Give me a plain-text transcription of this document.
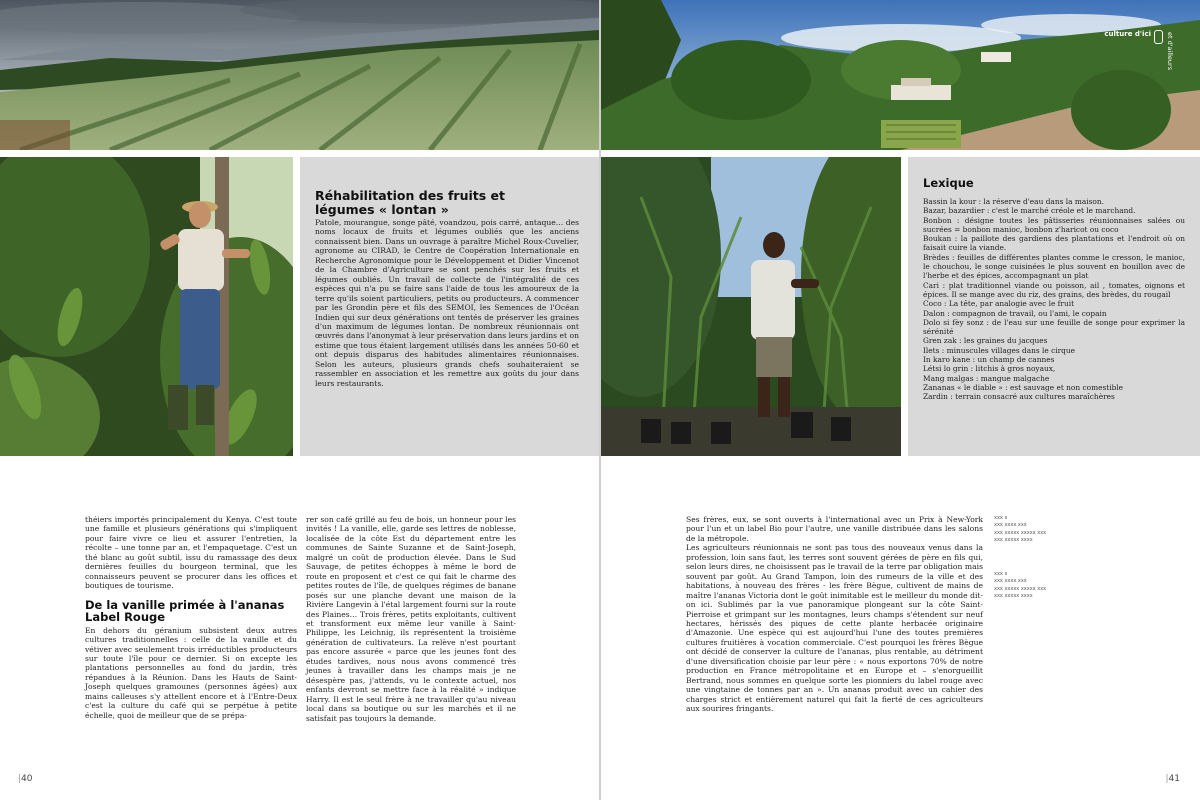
Réhabilitation des fruits et légumes « lontan »
Patole, mourangue, songe pâté, voandzou, pois carré, antaque… des noms locaux de fruits et légumes oubliés que les anciens connaissent bien. Dans un ouvrage à paraître Michel Roux-Cuvelier, agronome au CIRAD, le Centre de Coopération Internationale en Recherche Agronomique pour le Développement et Didier Vincenot de la Chambre d'Agriculture se sont penchés sur les fruits et légumes oubliés. Un travail de collecte de l'intégralité de ces espèces qui n'a pu se faire sans l'aide de tous les amoureux de la terre qu'ils soient particuliers, petits ou producteurs. A commencer par les Grondin père et fils des SEMOI, les Semences de l'Océan Indien qui sur deux générations ont tentés de préserver les graines d'un maximum de légumes lontan. De nombreux réunionnais ont œuvrés dans l'anonymat à leur préservation dans leurs jardins et on estime que tous étaient largement utilisés dans les années 50-60 et ont depuis disparus des habitudes alimentaires réunionnaises. Selon les auteurs, plusieurs grands chefs souhaiteraient se rassembler en association et les remettre aux goûts du jour dans leurs restaurants.

théiers importés principalement du Kenya. C'est toute une famille et plusieurs générations qui s'impliquent pour faire vivre ce lieu et assurer l'entretien, la récolte – une tonne par an, et l'empaquetage. C'est un thé blanc au goût subtil, issu du ramassage des deux dernières feuilles du bourgeon terminal, que les connaisseurs peuvent se procurer dans les offices et boutiques de tourisme.

De la vanille primée à l'ananas Label Rouge

En dehors du géranium subsistent deux autres cultures traditionnelles : celle de la vanille et du vétiver avec seulement trois irréductibles producteurs sur toute l'île pour ce dernier. Si on excepte les plantations personnelles au fond du jardin, très répandues à la Réunion. Dans les Hauts de Saint-Joseph quelques gramounes (personnes âgées) aux mains calleuses s'y attellent encore et à l'Entre-Deux c'est la culture du café qui se perpétue à petite échelle, quoi de meilleur que de se prépa-

rer son café grillé au feu de bois, un honneur pour les invités ! La vanille, elle, garde ses lettres de noblesse, localisée de la côte Est du département entre les communes de Sainte Suzanne et de Saint-Joseph, malgré un coût de production élevée. Dans le Sud Sauvage, de petites échoppes à même le bord de route en proposent et c'est ce qui fait le charme des petites routes de l'île, de quelques régimes de banane posés sur une planche devant une maison de la Rivière Langevin à l'étal largement fourni sur la route des Plaines… Trois frères, petits exploitants, cultivent et transforment eux même leur vanille à Saint-Philippe, les Leichnig, ils représentent la troisième génération de cultivateurs. La relève n'est pourtant pas encore assurée « parce que les jeunes font des études tardives, nous nous avons commencé très jeunes à travailler dans les champs mais je ne désespère pas, j'attends, vu le contexte actuel, nos enfants devront se mettre face à la réalité » indique Harry. Il est le seul frère à ne travailler qu'au niveau local dans sa boutique ou sur les marchés et il ne satisfait pas toujours la demande.

|40
culture d'ici et d'ailleurs
Lexique
Bassin la kour : la réserve d'eau dans la maison.
Bazar, bazardier : c'est le marché créole et le marchand.
Bonbon : désigne toutes les pâtisseries réunionnaises salées ou sucrées = bonbon manioc, bonbon z'haricot ou coco
Boukan : la paillote des gardiens des plantations et l'endroit où on faisait cuire la viande.
Brèdes : feuilles de différentes plantes comme le cresson, le manioc, le chouchou, le songe cuisinées le plus souvent en bouillon avec de l'herbe et des épices, accompagnant un plat
Cari : plat traditionnel viande ou poisson, ail , tomates, oignons et épices. Il se mange avec du riz, des grains, des brèdes, du rougail
Coco : La tête, par analogie avec le fruit
Dalon : compagnon de travail, ou l'ami, le copain
Dolo si fèy sonz : de l'eau sur une feuille de songe pour exprimer la sérénité
Gren zak : les graines du jacques
Ilets : minuscules villages dans le cirque
In karo kane : un champ de cannes
Létsi lo grin : litchis à gros noyaux,
Mang malgas : mangue malgache
Zananas « le diable » : est sauvage et non comestible
Zardin : terrain consacré aux cultures maraîchères

Ses frères, eux, se sont ouverts à l'international avec un Prix à New-York pour l'un et un label Bio pour l'autre, une vanille distribuée dans les salons de la métropole.

Les agriculteurs réunionnais ne sont pas tous des nouveaux venus dans la profession, loin sans faut, les terres sont souvent gérées de père en fils qui, selon leurs dires, ne choisissent pas le travail de la terre par obligation mais souvent par goût. Au Grand Tampon, loin des rumeurs de la ville et des habitations, à nouveau des frères - les frère Bègue, cultivent de mains de maître l'ananas Victoria dont le goût inimitable est le meilleur du monde dit-on ici. Sublimés par la vue panoramique plongeant sur la côte Saint-Pierroise et grimpant sur les montagnes, leurs champs s'étendent sur neuf hectares, hérissés des piques de cette plante herbacée originaire d'Amazonie. Une espèce qui est aujourd'hui l'une des toutes premières cultures fruitières à vocation commerciale. C'est pourquoi les frères Bègue ont décidé de conserver la culture de l'ananas, plus rentable, au détriment d'une diversification choisie par leur père : « nous exportons 70% de notre production en France métropolitaine et en Europe et – s'enorgueillit Bertrand, nous sommes en quelque sorte les pionniers du label rouge avec une vingtaine de tonnes par an ». Un ananas produit avec un cahier des charges strict et entièrement naturel qui fait la fierté de ces agriculteurs aux sourires fringants.

xxx x
xxx xxxx xxx
xxx xxxxx xxxxx xxx
xxx xxxxx xxxx
xxx x
xxx xxxx xxx
xxx xxxxx xxxxx xxx
xxx xxxxx xxxx
|41
